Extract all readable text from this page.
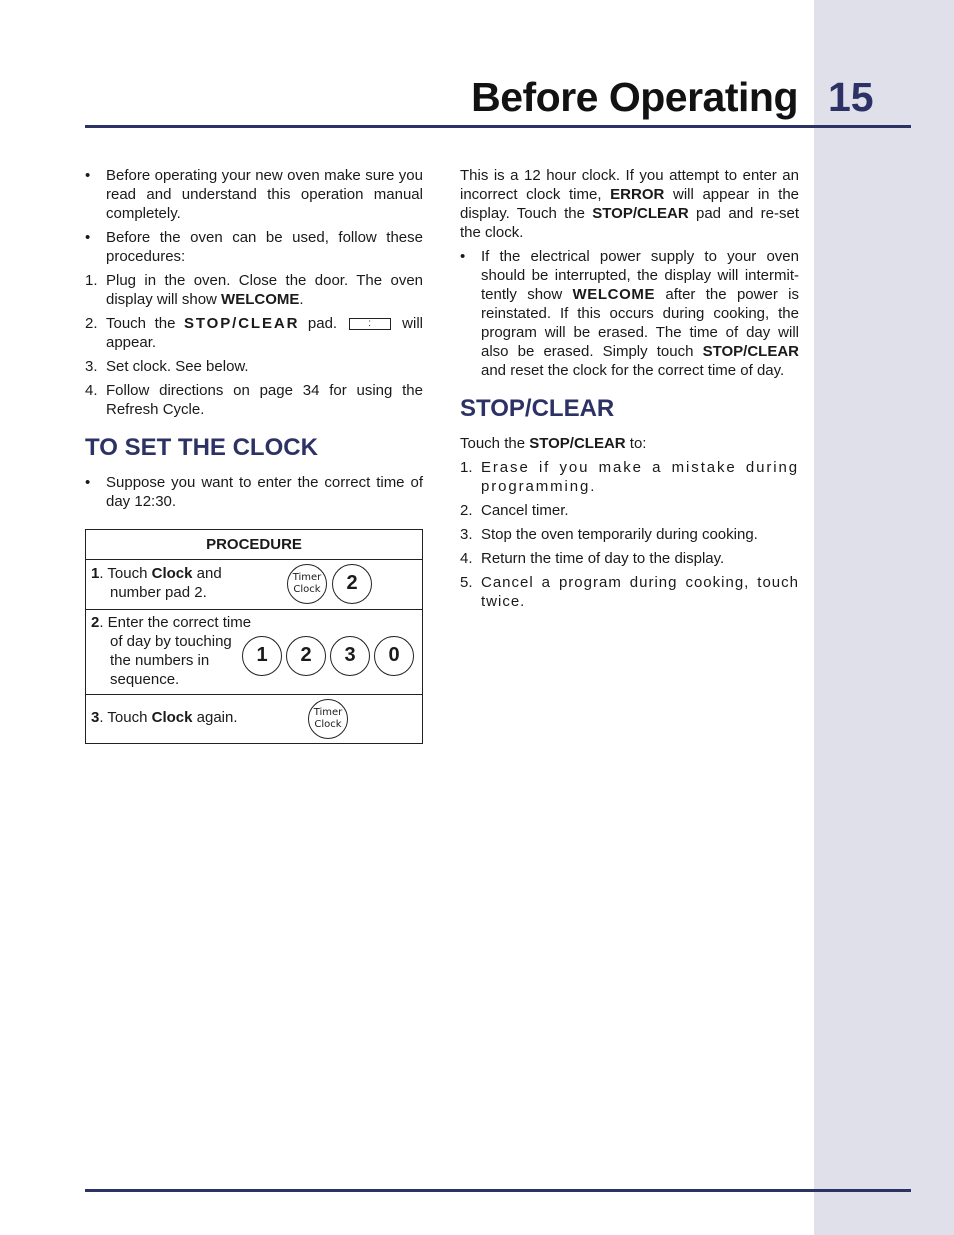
Before Operating 15
• Before operating your new oven make sure you read and understand this operation manual completely.
• Before the oven can be used, follow these procedures:
1. Plug in the oven. Close the door. The oven display will show WELCOME.
2. Touch the STOP/CLEAR pad. : will appear.
3. Set clock. See below.
4. Follow directions on page 34 for using the Refresh Cycle.
TO SET THE CLOCK
• Suppose you want to enter the correct time of day 12:30.
PROCEDURE

1. Touch Clock and
number pad 2.
Timer
Clock	2

2. Enter the correct time
of day by touching
the numbers in
sequence.
1	2	3	0

3. Touch Clock again.	Timer
Clock

This is a 12 hour clock. If you attempt to enter an incorrect clock time, ERROR will appear in the display. Touch the STOP/CLEAR pad and re-set the clock.

• If the electrical power supply to your oven should be interrupted, the display will intermit-tently show WELCOME after the power is reinstated. If this occurs during cooking, the program will be erased. The time of day will also be erased. Simply touch STOP/CLEAR and reset the clock for the correct time of day.
STOP/CLEAR

Touch the STOP/CLEAR to:

1. Erase if you make a mistake during programming.
2. Cancel timer.
3. Stop the oven temporarily during cooking.
4. Return the time of day to the display.
5. Cancel a program during cooking, touch twice.
